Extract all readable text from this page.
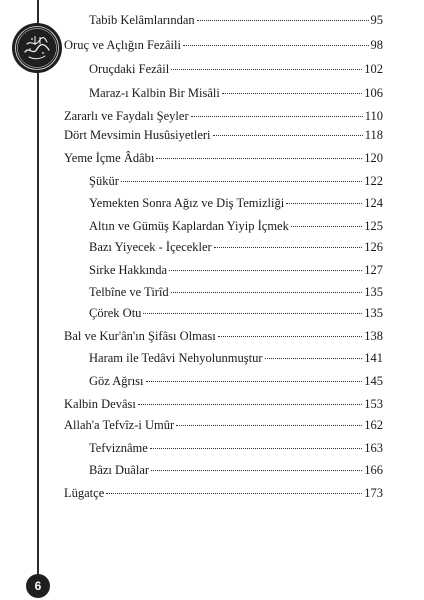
Tabib Kelâmlarından	95
Oruç ve Açlığın Fezâili	98
Oruçdaki Fezâil	102
Maraz-ı Kalbin Bir Misâli	106
Zararlı ve Faydalı Şeyler	110
Dört Mevsimin Husûsiyetleri	118
Yeme İçme Âdâbı	120
Şükür	122
Yemekten Sonra Ağız ve Diş Temizliği	124
Altın ve Gümüş Kaplardan Yiyip İçmek	125
Bazı Yiyecek - İçecekler	126
Sirke Hakkında	127
Telbîne ve Tirîd	135
Çörek Otu	135
Bal ve Kur'ân'ın Şifâsı Olması	138
Haram ile Tedâvi Nehyolunmuştur	141
Göz Ağrısı	145
Kalbin Devâsı	153
Allah'a Tefvîz-i Umûr	162
Tefviznâme	163
Bâzı Duâlar	166
Lügatçe	173
6
